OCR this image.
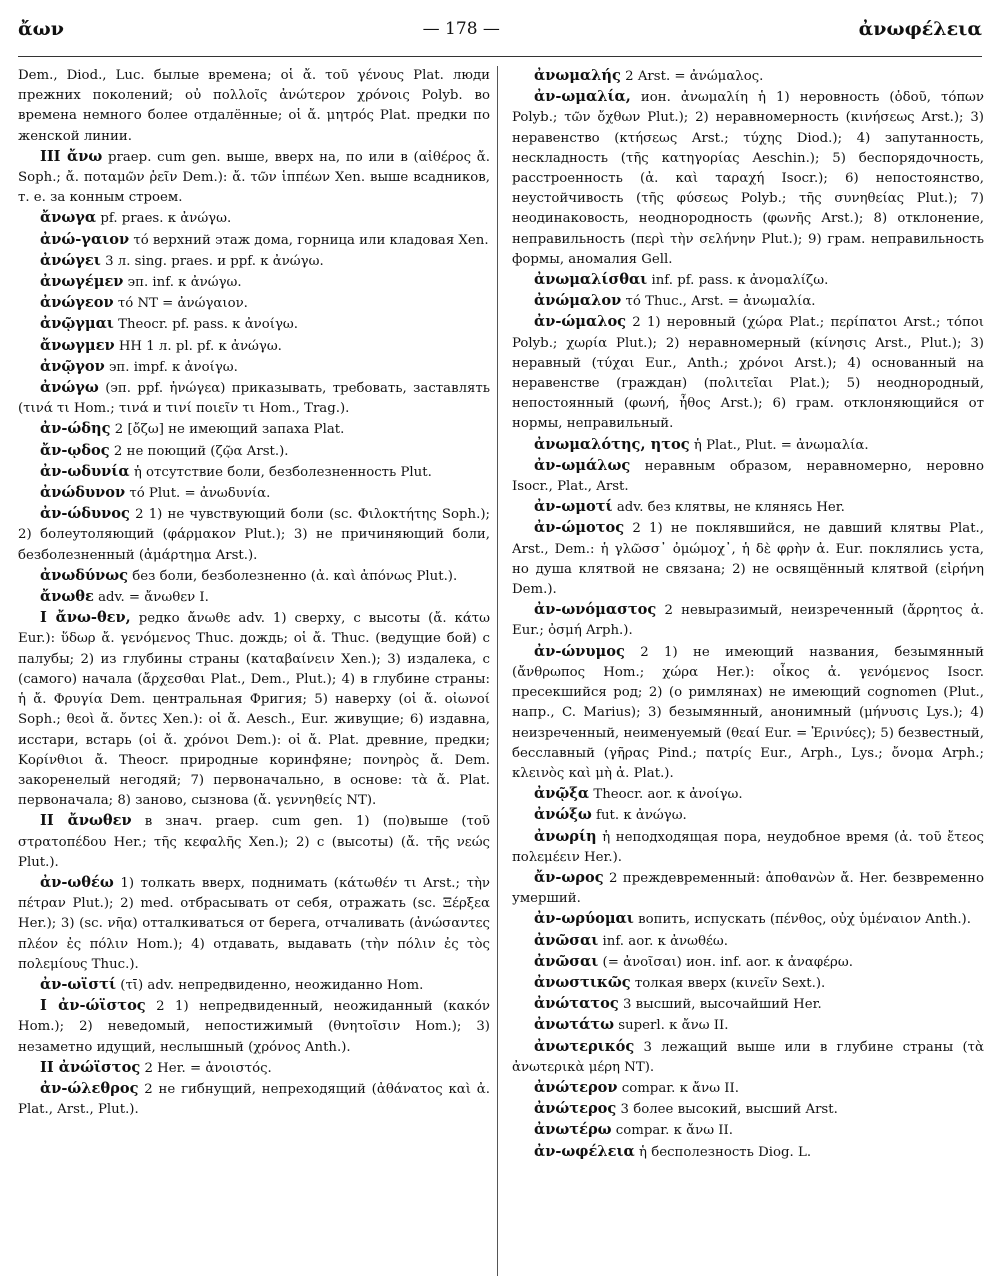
ἄων	— 178 —	ἀνωφέλεια

Dem., Diod., Luc. былые времена; οἱ ἄ. τοῦ γένους Plat. люди прежних поколений; οὐ πολλοῖς ἀνώτερον χρόνοις Polyb. во времена немного более отдалённые; οἱ ἄ. μητρός Plat. предки по женской линии.

III ἄνω praep. cum gen. выше, вверх на, по или в (αἰθέρος ἄ. Soph.; ἄ. ποταμῶν ῥεῖν Dem.): ἄ. τῶν ἱππέων Xen. выше всадников, т. е. за конным строем.

ἄνωγα pf. praes. к ἀνώγω.

ἀνώ-γαιον τό верхний этаж дома, горница или кладовая Xen.

ἀνώγει 3 л. sing. praes. и ppf. к ἀνώγω.

ἀνωγέμεν эп. inf. к ἀνώγω.

ἀνώγεον τό NT = ἀνώγαιον.

ἀνῷγμαι Theocr. pf. pass. к ἀνοίγω.

ἄνωγμεν HH 1 л. pl. pf. к ἀνώγω.

ἀνῷγον эп. impf. к ἀνοίγω.

ἀνώγω (эп. ppf. ἠνώγεα) приказывать, требовать, заставлять (τινά τι Hom.; τινά и τινί ποιεῖν τι Hom., Trag.).

ἀν-ώδης 2 [ὄζω] не имеющий запаха Plat.

ἄν-ῳδος 2 не поющий (ζῷα Arst.).

ἀν-ωδυνία ἡ отсутствие боли, безболезненность Plut.

ἀνώδυνον τό Plut. = ἀνωδυνία.

ἀν-ώδυνος 2 1) не чувствующий боли (sc. Φιλοκτήτης Soph.); 2) болеутоляющий (φάρμακον Plut.); 3) не причиняющий боли, безболезненный (ἁμάρτημα Arst.).

ἀνωδύνως без боли, безболезненно (ἀ. καὶ ἀπόνως Plut.).

ἄνωθε adv. = ἄνωθεν I.

I ἄνω-θεν, редко ἄνωθε adv. 1) сверху, с высоты (ἄ. κάτω Eur.): ὕδωρ ἄ. γενόμενος Thuc. дождь; οἱ ἄ. Thuc. (ведущие бой) с палубы; 2) из глубины страны (καταβαίνειν Xen.); 3) издалека, с (самого) начала (ἄρχεσθαι Plat., Dem., Plut.); 4) в глубине страны: ἡ ἄ. Φρυγία Dem. центральная Фригия; 5) наверху (οἱ ἄ. οἰωνοί Soph.; θεοὶ ἄ. ὄντες Xen.): οἱ ἄ. Aesch., Eur. живущие; 6) издавна, исстари, встарь (οἱ ἄ. χρόνοι Dem.): οἱ ἄ. Plat. древние, предки; Κορίνθιοι ἄ. Theocr. природные коринфяне; πονηρὸς ἄ. Dem. закоренелый негодяй; 7) первоначально, в основе: τὰ ἄ. Plat. первоначала; 8) заново, сызнова (ἄ. γεννηθείς NT).

II ἄνωθεν в знач. praep. cum gen. 1) (по)выше (τοῦ στρατοπέδου Her.; τῆς κεφαλῆς Xen.); 2) с (высоты) (ἄ. τῆς νεώς Plut.).

ἀν-ωθέω 1) толкать вверх, поднимать (κάτωθέν τι Arst.; τὴν πέτραν Plut.); 2) med. отбрасывать от себя, отражать (sc. Ξέρξεα Her.); 3) (sc. νῆα) отталкиваться от берега, отчаливать (ἀνώσαντες πλέον ἐς πόλιν Hom.); 4) отдавать, выдавать (τὴν πόλιν ἐς τὸς πολεμίους Thuc.).

ἀν-ωϊστί (τῑ) adv. непредвиденно, неожиданно Hom.

I ἀν-ώϊστος 2 1) непредвиденный, неожиданный (κακόν Hom.); 2) неведомый, непостижимый (θνητοῖσιν Hom.); 3) незаметно идущий, неслышный (χρόνος Anth.).

II ἀνώϊστος 2 Her. = ἀνοιστός.

ἀν-ώλεθρος 2 не гибнущий, непреходящий (ἀθάνατος καὶ ἀ. Plat., Arst., Plut.).

ἀνωμαλής 2 Arst. = ἀνώμαλος.

ἀν-ωμαλία, ион. ἀνωμαλίη ἡ 1) неровность (ὁδοῦ, τόπων Polyb.; τῶν ὄχθων Plut.); 2) неравномерность (κινήσεως Arst.); 3) неравенство (κτήσεως Arst.; τύχης Diod.); 4) запутанность, нескладность (τῆς κατηγορίας Aeschin.); 5) беспорядочность, расстроенность (ἀ. καὶ ταραχή Isocr.); 6) непостоянство, неустойчивость (τῆς φύσεως Polyb.; τῆς συνηθείας Plut.); 7) неодинаковость, неоднородность (φωνῆς Arst.); 8) отклонение, неправильность (περὶ τὴν σελήνην Plut.); 9) грам. неправильность формы, аномалия Gell.

ἀνωμαλίσθαι inf. pf. pass. к ἀνομαλίζω.

ἀνώμαλον τό Thuc., Arst. = ἀνωμαλία.

ἀν-ώμαλος 2 1) неровный (χώρα Plat.; περίπατοι Arst.; τόποι Polyb.; χωρία Plut.); 2) неравномерный (κίνησις Arst., Plut.); 3) неравный (τύχαι Eur., Anth.; χρόνοι Arst.); 4) основанный на неравенстве (граждан) (πολιτεῖαι Plat.); 5) неоднородный, непостоянный (φωνή, ἦθος Arst.); 6) грам. отклоняющийся от нормы, неправильный.

ἀνωμαλότης, ητος ἡ Plat., Plut. = ἀνωμαλία.

ἀν-ωμάλως неравным образом, неравномерно, неровно Isocr., Plat., Arst.

ἀν-ωμοτί adv. без клятвы, не клянясь Her.

ἀν-ώμοτος 2 1) не поклявшийся, не давший клятвы Plat., Arst., Dem.: ἡ γλῶσσ᾽ ὀμώμοχ᾽, ἡ δὲ φρὴν ἀ. Eur. поклялись уста, но душа клятвой не связана; 2) не освящённый клятвой (εἰρήνη Dem.).

ἀν-ωνόμαστος 2 невыразимый, неизреченный (ἄρρητος ἀ. Eur.; ὀσμή Arph.).

ἀν-ώνυμος 2 1) не имеющий названия, безымянный (ἄνθρωπος Hom.; χώρα Her.): οἶκος ἀ. γενόμενος Isocr. пресекшийся род; 2) (о римлянах) не имеющий cognomen (Plut., напр., C. Marius); 3) безымянный, анонимный (μήνυσις Lys.); 4) неизреченный, неименуемый (θεαί Eur. = Ἐρινύες); 5) безвестный, бесславный (γῆρας Pind.; πατρίς Eur., Arph., Lys.; ὄνομα Arph.; κλεινὸς καὶ μὴ ἀ. Plat.).

ἀνῷξα Theocr. aor. к ἀνοίγω.

ἀνώξω fut. к ἀνώγω.

ἀνωρίη ἡ неподходящая пора, неудобное время (ἀ. τοῦ ἔτεος πολεμέειν Her.).

ἄν-ωρος 2 преждевременный: ἀποθανὼν ἄ. Her. безвременно умерший.

ἀν-ωρύομαι вопить, испускать (πένθος, οὐχ ὑμέναιον Anth.).

ἀνῶσαι inf. aor. к ἀνωθέω.

ἀνῶσαι (= ἀνοῖσαι) ион. inf. aor. к ἀναφέρω.

ἀνωστικῶς толкая вверх (κινεῖν Sext.).

ἀνώτατος 3 высший, высочайший Her.

ἀνωτάτω superl. к ἄνω II.

ἀνωτερικός 3 лежащий выше или в глубине страны (τὰ ἀνωτερικὰ μέρη NT).

ἀνώτερον compar. к ἄνω II.

ἀνώτερος 3 более высокий, высший Arst.

ἀνωτέρω compar. к ἄνω II.

ἀν-ωφέλεια ἡ бесполезность Diog. L.
